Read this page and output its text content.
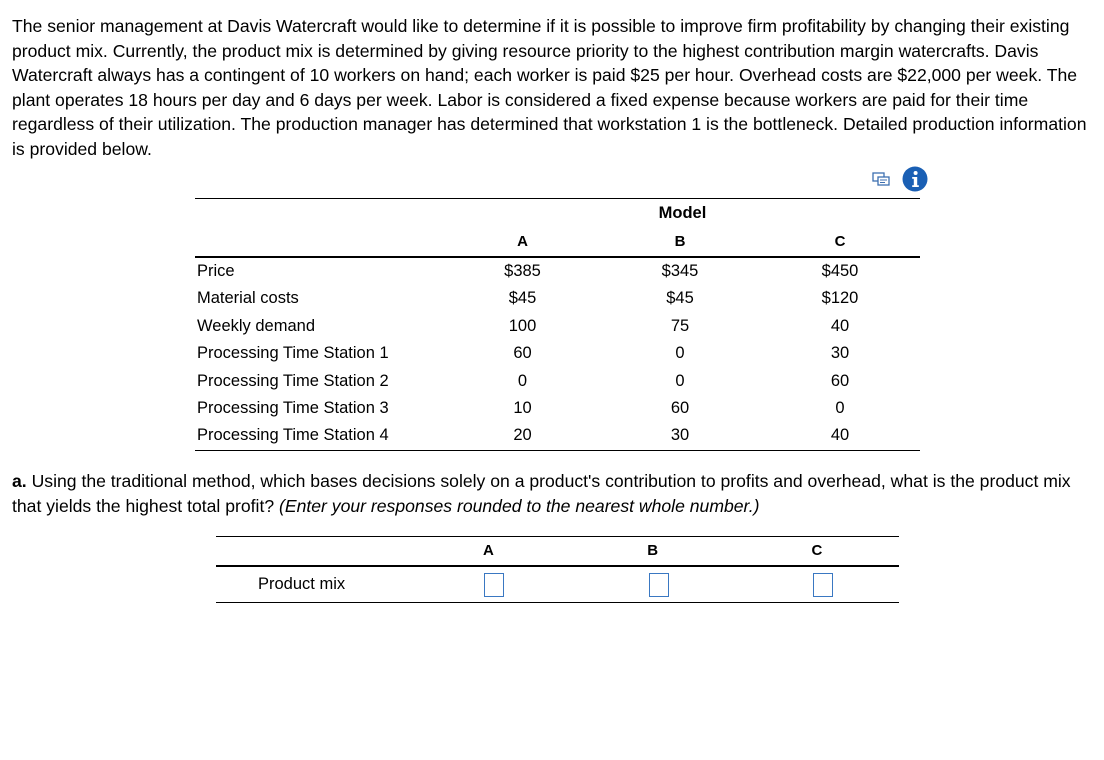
The senior management at Davis Watercraft would like to determine if it is possible to improve firm profitability by changing their existing product mix. Currently, the product mix is determined by giving resource priority to the highest contribution margin watercrafts. Davis Watercraft always has a contingent of 10 workers on hand; each worker is paid $25 per hour. Overhead costs are $22,000 per week. The plant operates 18 hours per day and 6 days per week. Labor is considered a fixed expense because workers are paid for their time regardless of their utilization. The production manager has determined that workstation 1 is the bottleneck. Detailed production information is provided below.

	Model		
	A	B	C
Price	$385	$345	$450
Material costs	$45	$45	$120
Weekly demand	100	75	40
Processing Time Station 1	60	0	30
Processing Time Station 2	0	0	60
Processing Time Station 3	10	60	0
Processing Time Station 4	20	30	40

a. Using the traditional method, which bases decisions solely on a product's contribution to profits and overhead, what is the product mix that yields the highest total profit? (Enter your responses rounded to the nearest whole number.)

	A	B	C
Product mix			
